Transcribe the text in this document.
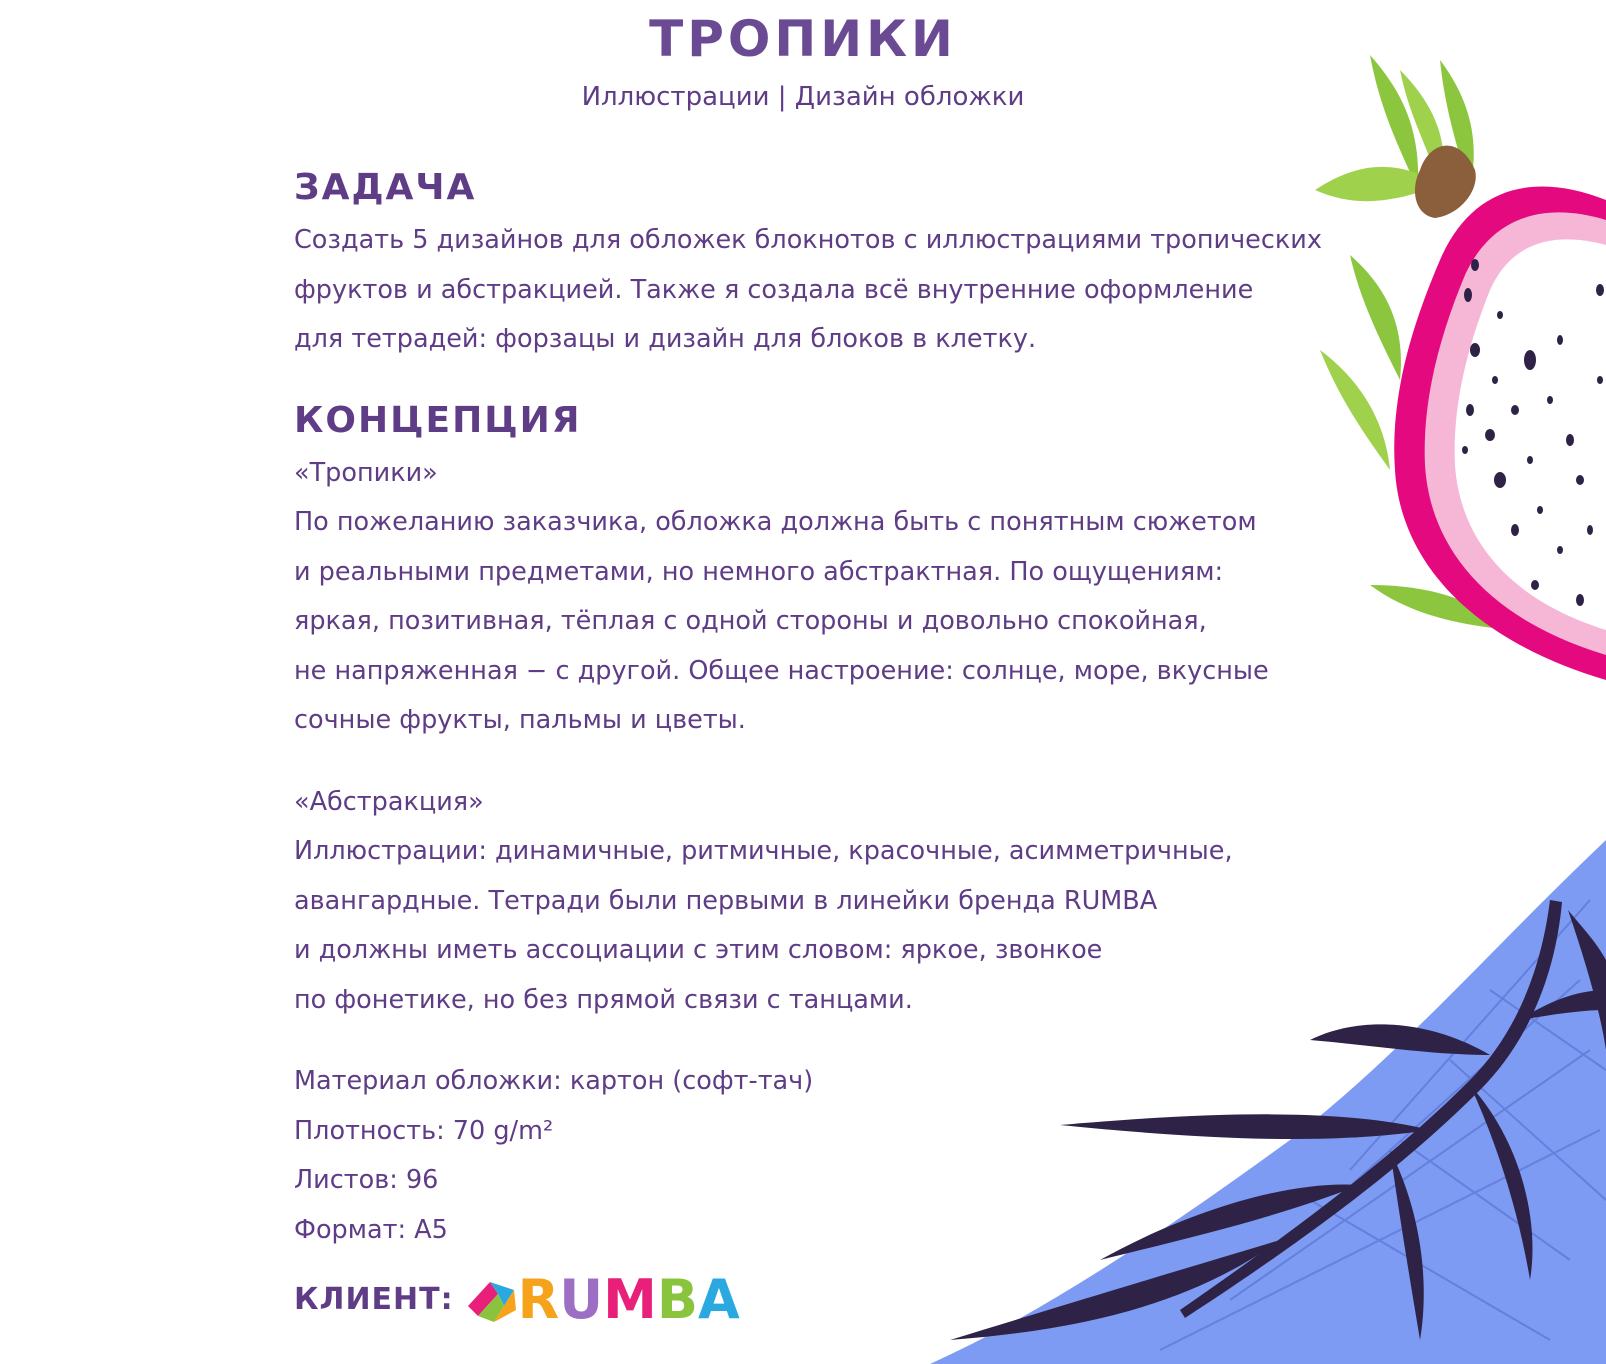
ТРОПИКИ
Иллюстрации | Дизайн обложки
ЗАДАЧА

Создать 5 дизайнов для обложек блокнотов с иллюстрациями тропических

фруктов и абстракцией. Также я создала всё внутренние оформление

для тетрадей: форзацы и дизайн для блоков в клетку.

КОНЦЕПЦИЯ

«Тропики»

По пожеланию заказчика, обложка должна быть с понятным сюжетом

и реальными предметами, но немного абстрактная. По ощущениям:

яркая, позитивная, тёплая с одной стороны и довольно спокойная,

не напряженная − с другой. Общее настроение: солнце, море, вкусные

сочные фрукты, пальмы и цветы.

«Абстракция»

Иллюстрации: динамичные, ритмичные, красочные, асимметричные,

авангардные. Тетради были первыми в линейки бренда RUMBA

и должны иметь ассоциации с этим словом: яркое, звонкое

по фонетике, но без прямой связи с танцами.

Материал обложки: картон (софт-тач)

Плотность: 70 g/m²

Листов: 96

Формат: А5

КЛИЕНТ: R U M B A
